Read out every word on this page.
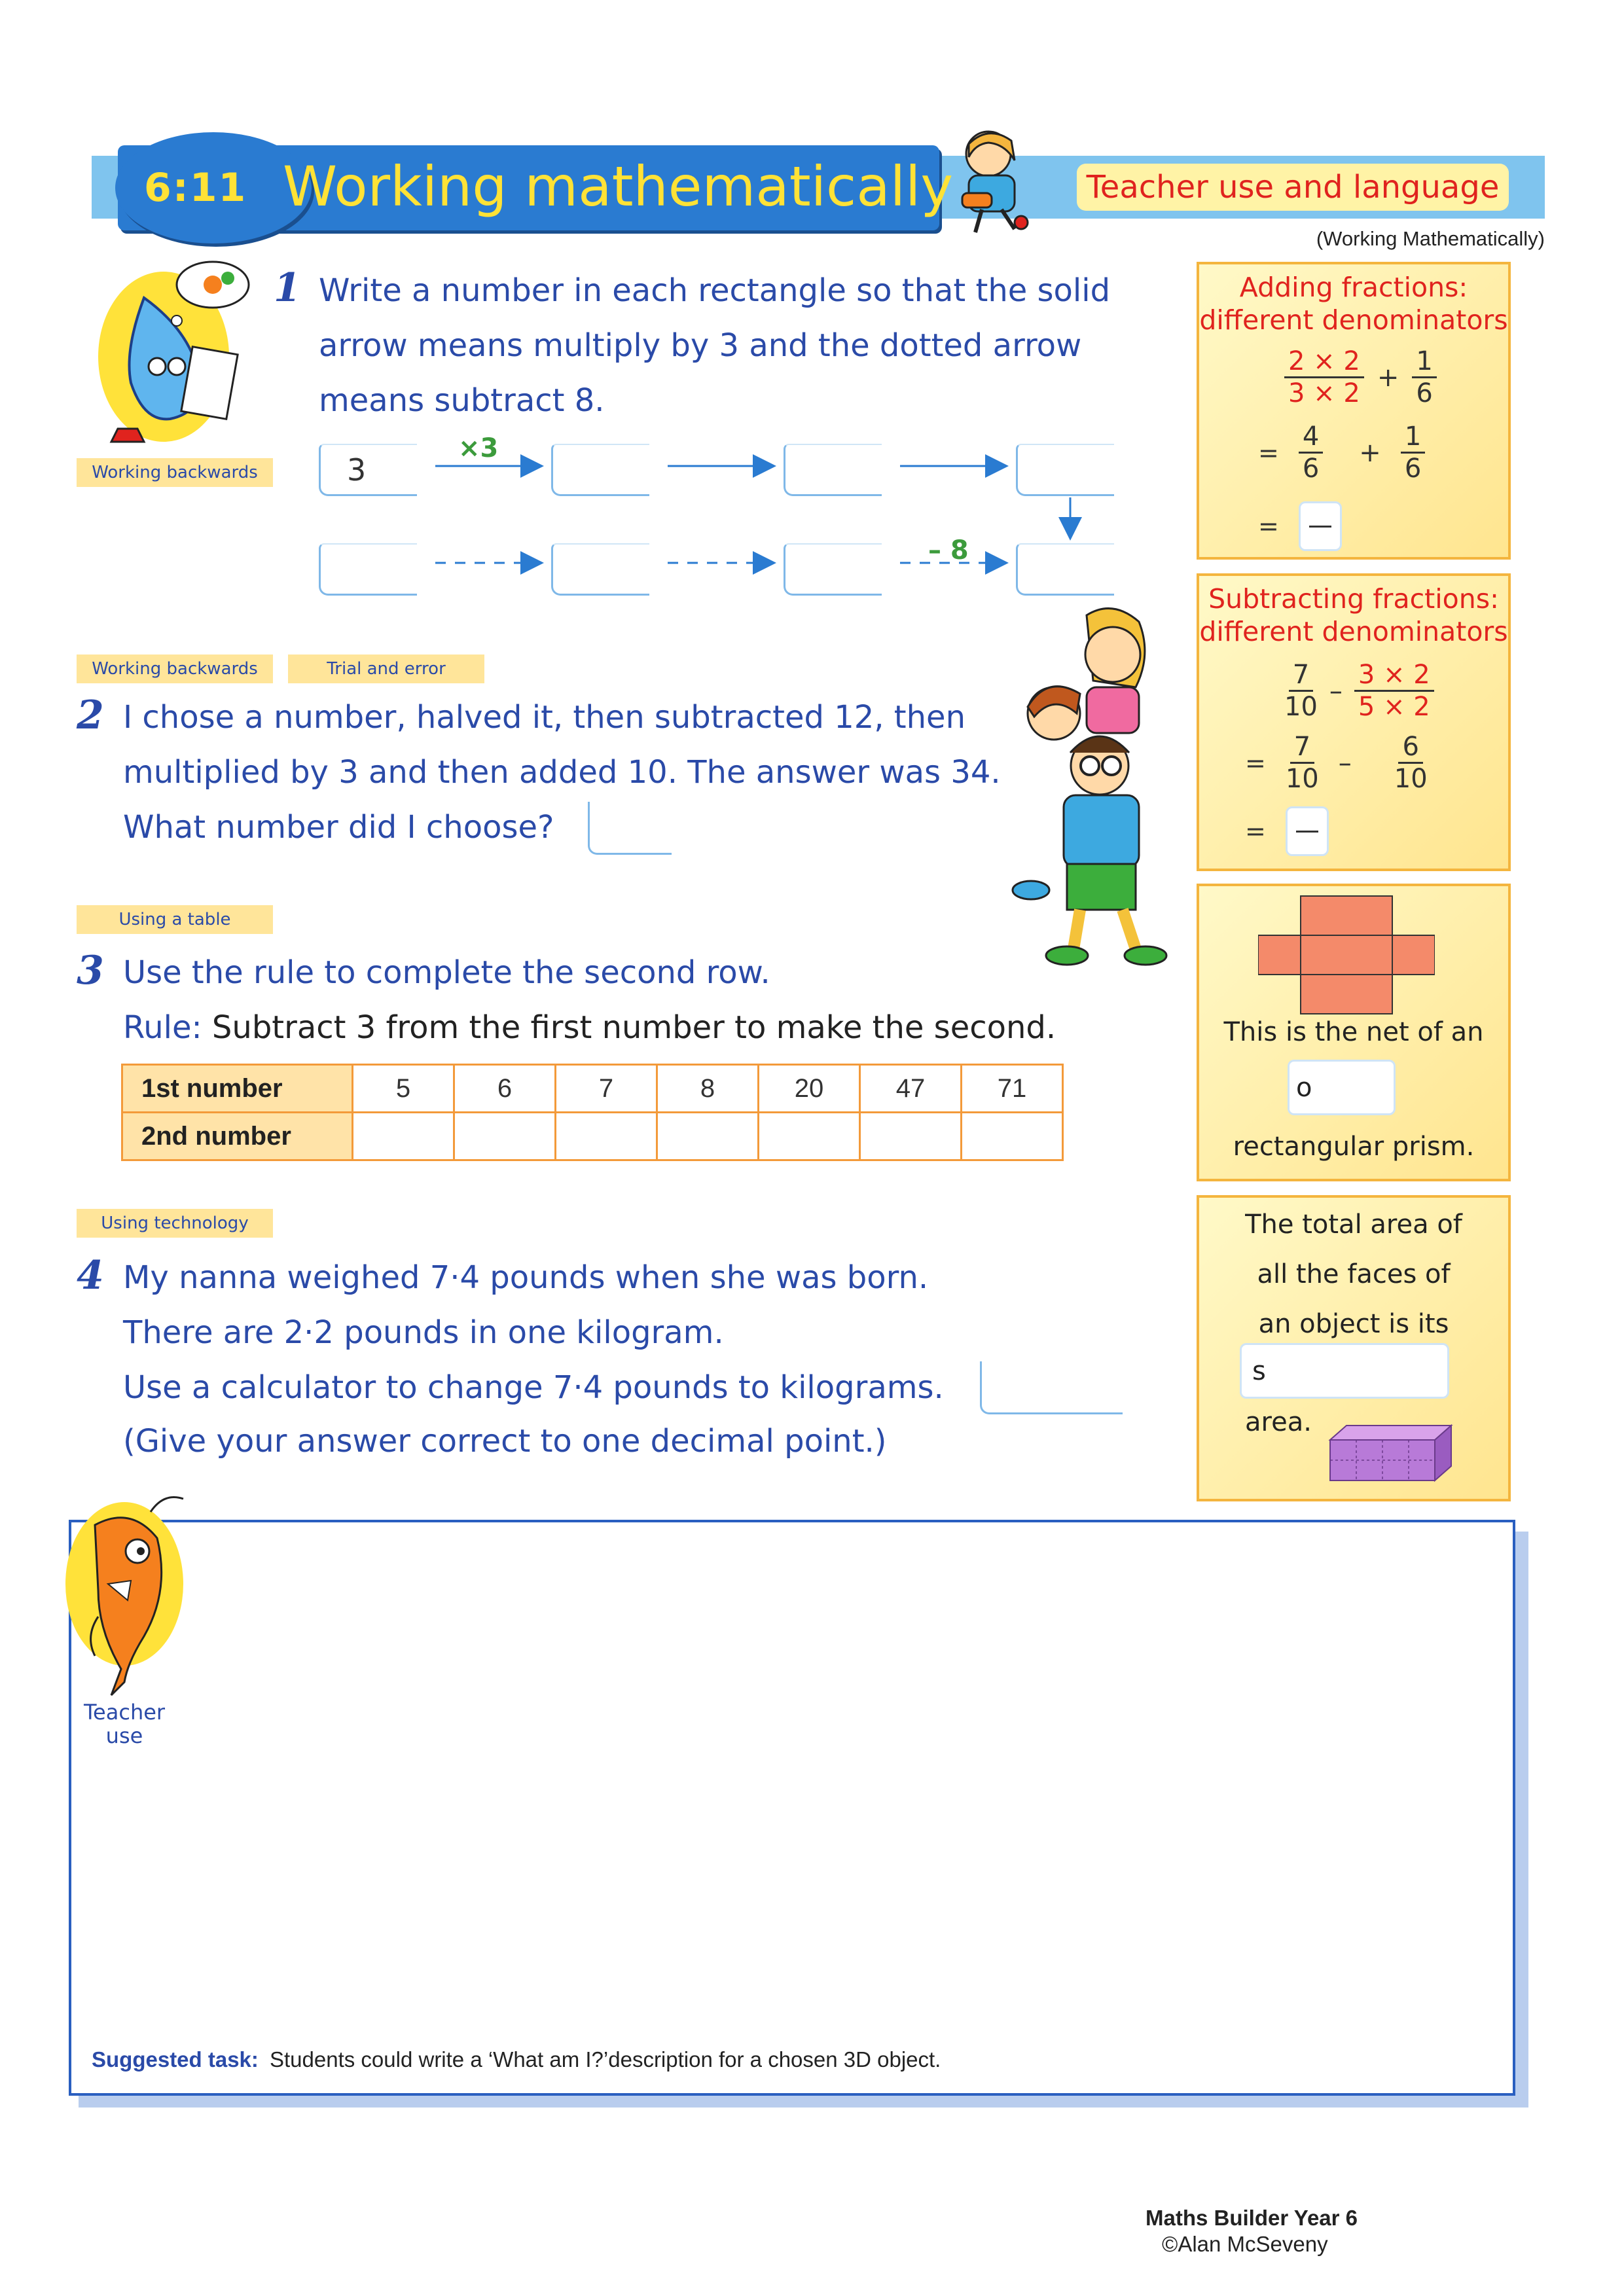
6:11 Working mathematically	Teacher use and language
(Working Mathematically)
Working backwards
1 Write a number in each rectangle so that the solid
arrow means multiply by 3 and the dotted arrow
means subtract 8.
×3
– 8
3
Working backwards	Trial and error
2 I chose a number, halved it, then subtracted 12, then
multiplied by 3 and then added 10. The answer was 34.
What number did I choose?
Using a table
3 Use the rule to complete the second row.
Rule: Subtract 3 from the first number to make the second.
1st number	5	6	7	8	20	47	71
2nd number							
Using technology
4 My nanna weighed 7·4 pounds when she was born.
There are 2·2 pounds in one kilogram.
Use a calculator to change 7·4 pounds to kilograms.
(Give your answer correct to one decimal point.)
Adding fractions:
different denominators
$\frac{2 \times 2}{3 \times 2} + \frac{1}{6}$
= $\frac{4}{6} + \frac{1}{6}$
=
Subtracting fractions:
different denominators
$\frac{7}{10} - \frac{3 \times 2}{5 \times 2}$
= $\frac{7}{10} - \frac{6}{10}$
=
This is the net of an
o
rectangular prism.
The total area of
all the faces of
an object is its
s
area.
Teacher use
Suggested task: Students could write a ‘What am I?’description for a chosen 3D object.
Maths Builder Year 6
©Alan McSeveny
